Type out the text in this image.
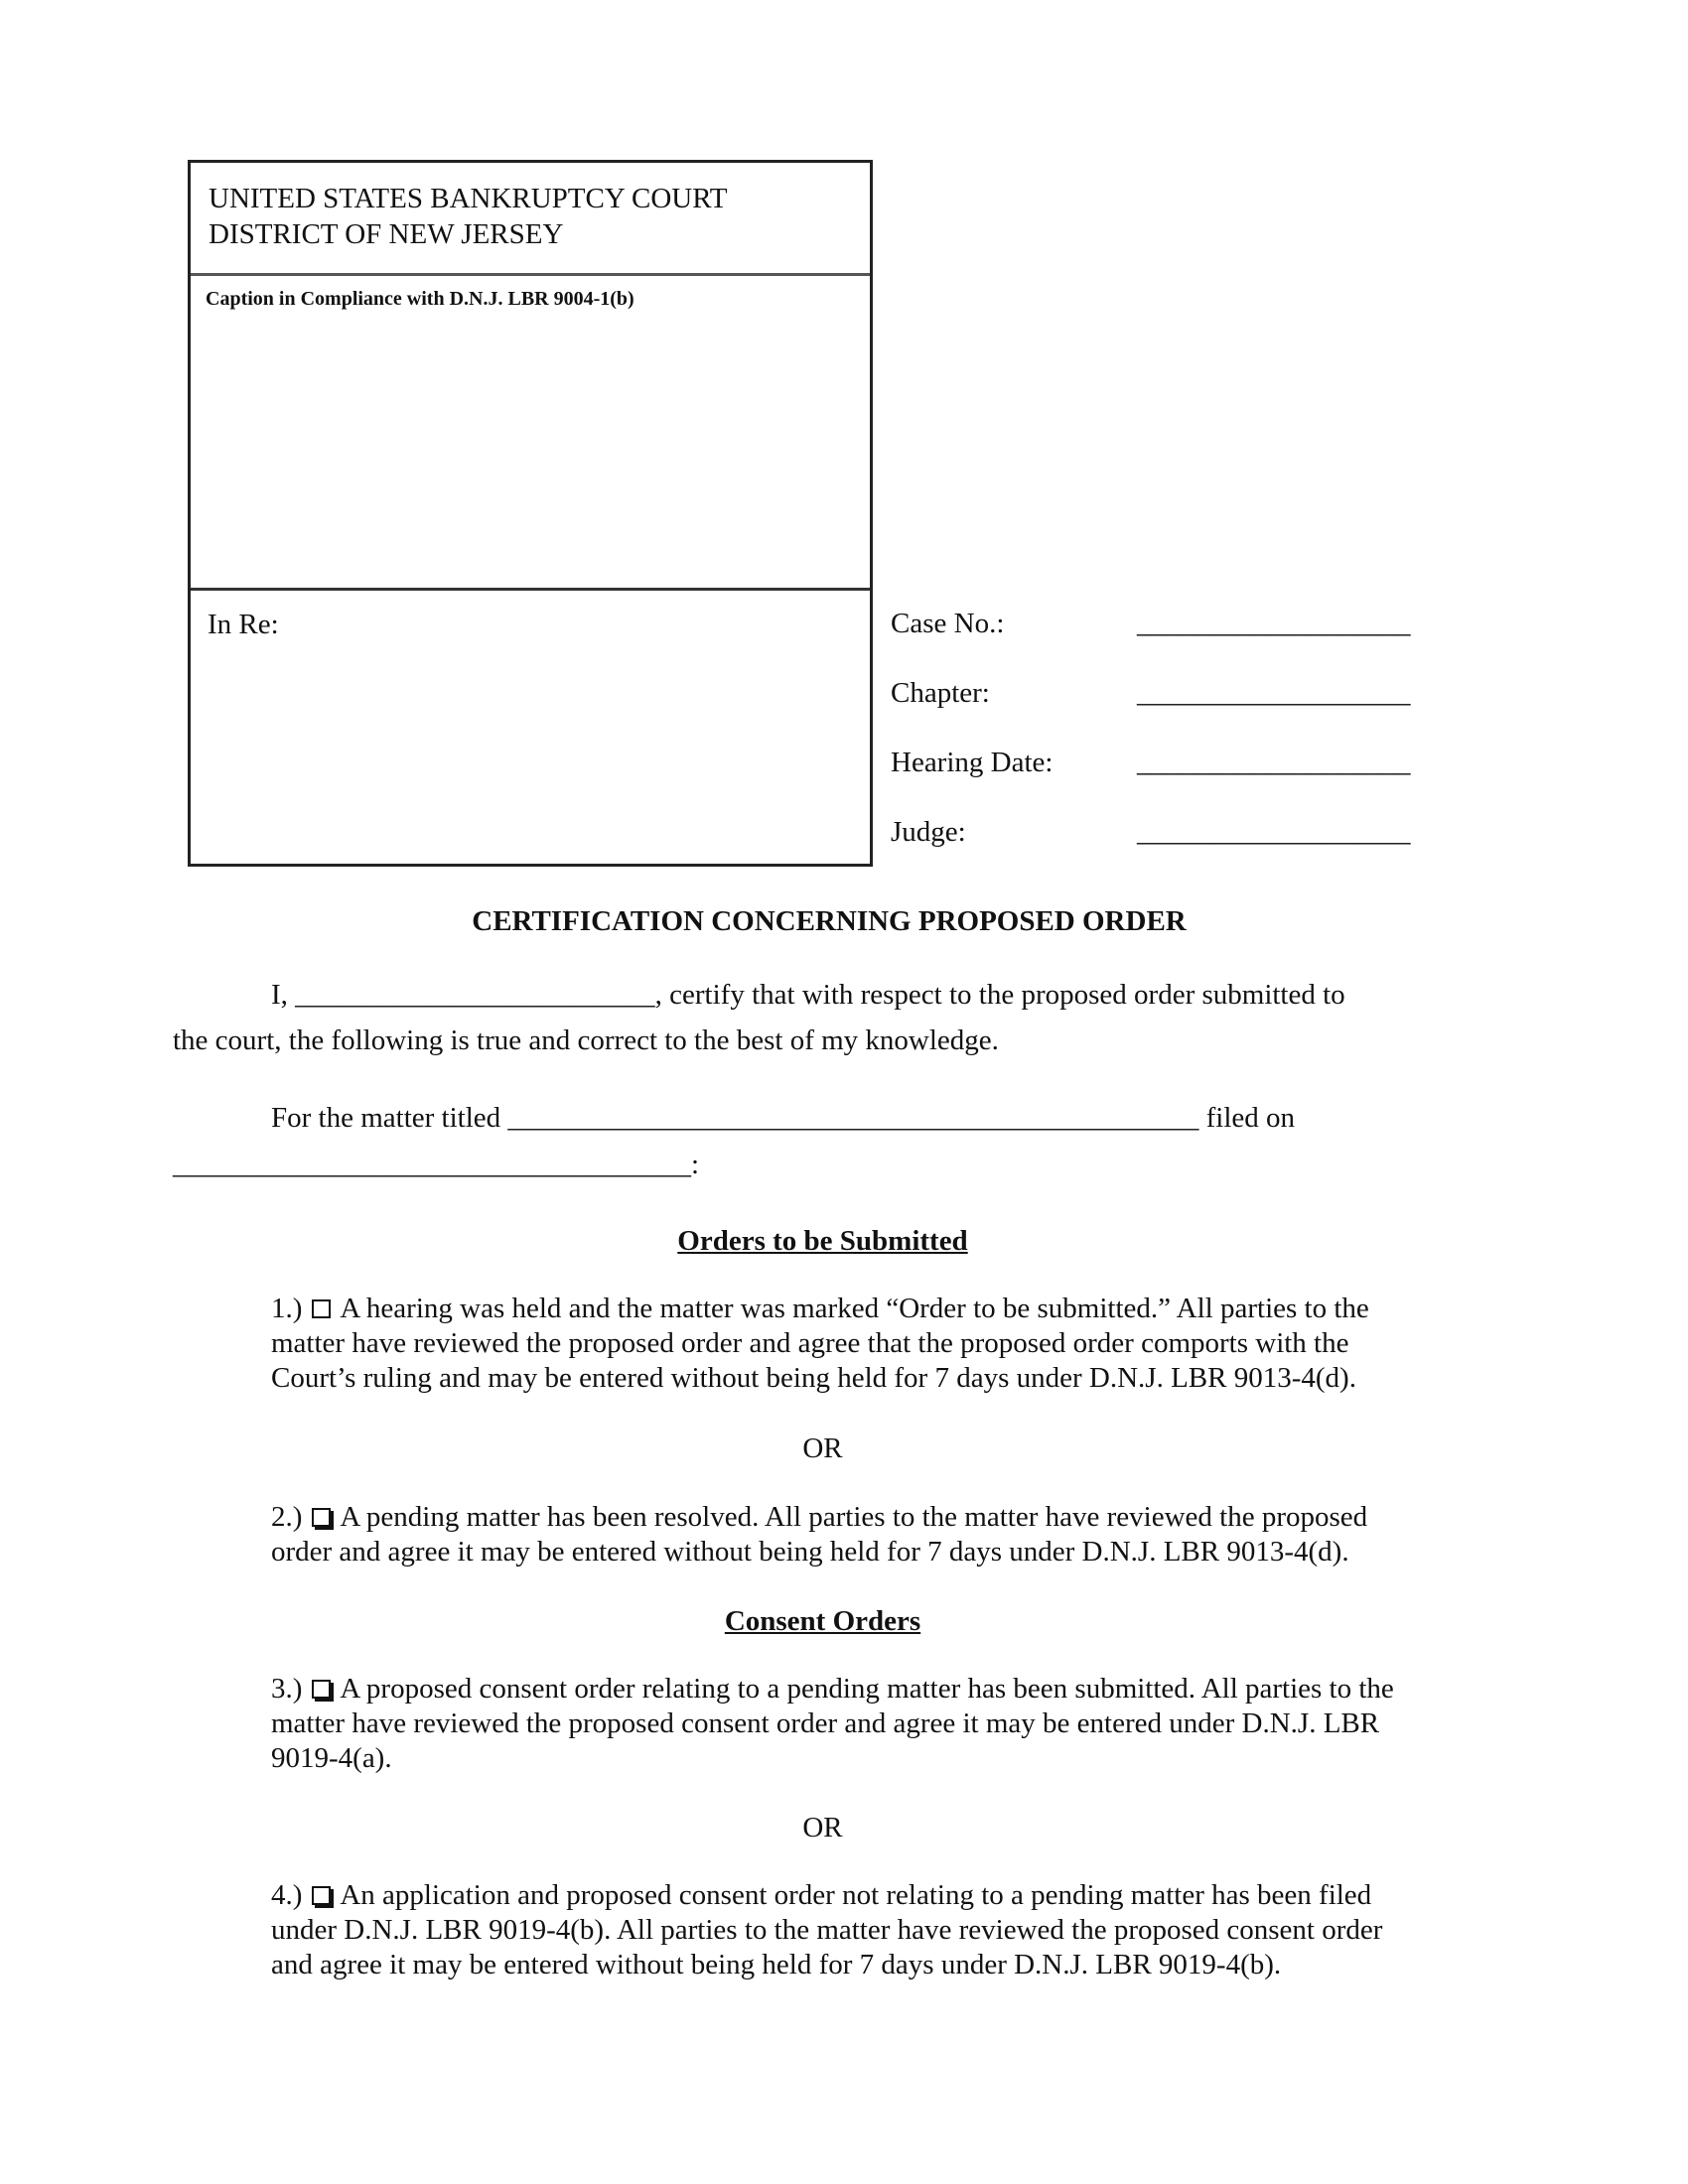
UNITED STATES BANKRUPTCY COURT
DISTRICT OF NEW JERSEY
Caption in Compliance with D.N.J. LBR 9004-1(b)
In Re:	Case No.:	___________________
Chapter:	___________________
Hearing Date:	___________________
Judge:	___________________
CERTIFICATION CONCERNING PROPOSED ORDER
I, _________________________, certify that with respect to the proposed order submitted to
the court, the following is true and correct to the best of my knowledge.
For the matter titled ________________________________________________ filed on
____________________________________:
Orders to be Submitted
1.) A hearing was held and the matter was marked “Order to be submitted.” All parties to the
matter have reviewed the proposed order and agree that the proposed order comports with the
Court’s ruling and may be entered without being held for 7 days under D.N.J. LBR 9013-4(d).
OR
2.) A pending matter has been resolved. All parties to the matter have reviewed the proposed
order and agree it may be entered without being held for 7 days under D.N.J. LBR 9013-4(d).
Consent Orders
3.) A proposed consent order relating to a pending matter has been submitted. All parties to the
matter have reviewed the proposed consent order and agree it may be entered under D.N.J. LBR
9019-4(a).
OR
4.) An application and proposed consent order not relating to a pending matter has been filed
under D.N.J. LBR 9019-4(b). All parties to the matter have reviewed the proposed consent order
and agree it may be entered without being held for 7 days under D.N.J. LBR 9019-4(b).
